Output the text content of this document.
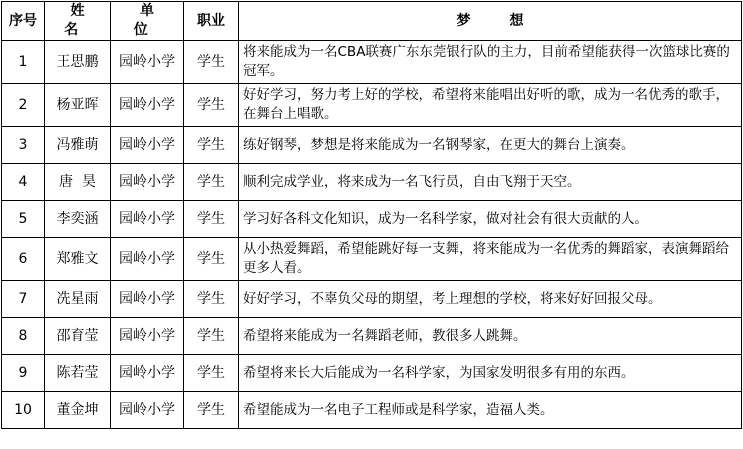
序号	姓 名	单 位	职业	梦        想
1	王思鹏	园岭小学	学生	将来能成为一名CBA联赛广东东莞银行队的主力，目前希望能获得一次篮球比赛的冠军。
2	杨亚晖	园岭小学	学生	好好学习，努力考上好的学校，希望将来能唱出好听的歌，成为一名优秀的歌手，在舞台上唱歌。
3	冯雅萌	园岭小学	学生	练好钢琴，梦想是将来能成为一名钢琴家，在更大的舞台上演奏。
4	唐  昊	园岭小学	学生	顺利完成学业，将来成为一名飞行员，自由飞翔于天空。
5	李奕涵	园岭小学	学生	学习好各科文化知识，成为一名科学家，做对社会有很大贡献的人。
6	郑雅文	园岭小学	学生	从小热爱舞蹈，希望能跳好每一支舞，将来能成为一名优秀的舞蹈家，表演舞蹈给更多人看。
7	冼星雨	园岭小学	学生	好好学习，不辜负父母的期望，考上理想的学校，将来好好回报父母。
8	邵育莹	园岭小学	学生	希望将来能成为一名舞蹈老师，教很多人跳舞。
9	陈若莹	园岭小学	学生	希望将来长大后能成为一名科学家，为国家发明很多有用的东西。
10	董金坤	园岭小学	学生	希望能成为一名电子工程师或是科学家，造福人类。
